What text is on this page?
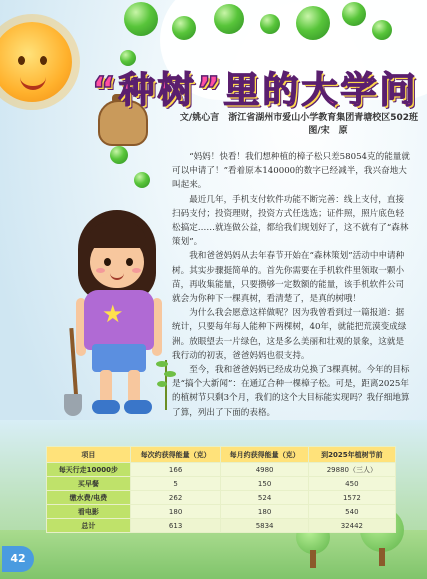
“种树”里的大学问
文/姚心言　浙江省湖州市爱山小学教育集团青塘校区502班
图/宋　原
★

“妈妈！快看！我们想种植的樟子松只差58054克的能量就可以申请了！”看着原本140000的数字已经减半，我兴奋地大叫起来。

最近几年，手机支付软件功能不断完善：线上支付，直接扫码支付；投资理财，投资方式任选选；证件照，照片底色轻松搞定……就连做公益，都给我们规划好了，这不就有了“森林策划”。

我和爸爸妈妈从去年春节开始在“森林策划”活动中申请种树。其实步骤挺简单的。首先你需要在手机软件里领取一颗小苗，再收集能量，只要攒够一定数额的能量，该手机软件公司就会为你种下一棵真树，看清楚了，是真的树哦！

为什么我会愿意这样做呢？因为我曾看到过一篇报道：据统计，只要每年每人能种下两棵树，40年，就能把荒漠变成绿洲。放眼望去一片绿色，这是多么美丽和壮观的景象，这就是我行动的初衷，爸爸妈妈也很支持。

至今，我和爸爸妈妈已经成功兑换了3棵真树。今年的目标是“搞个大新闻”：在通辽合种一棵樟子松。可是，距离2025年的植树节只剩3个月，我们的这个大目标能实现吗？我仔细地算了算，列出了下面的表格。

项目	每次约获得能量（克）	每月约获得能量（克）	到2025年植树节前
每天行走10000步	166	4980	29880（三人）
买早餐	5	150	450
缴水费/电费	262	524	1572
看电影	180	180	540
总计	613	5834	32442
42
